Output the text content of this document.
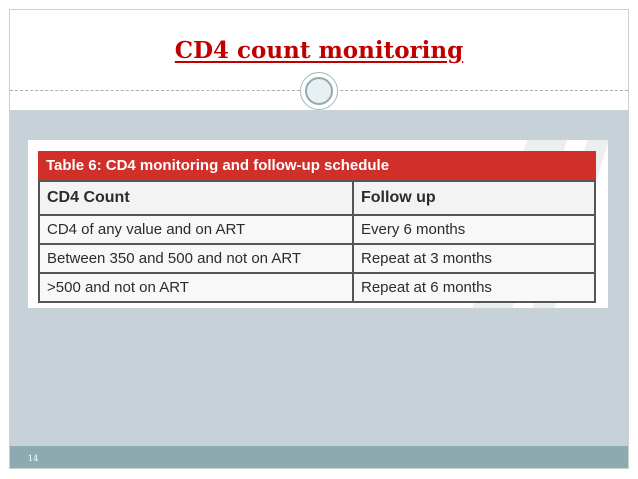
CD4 count monitoring
14
Table 6: CD4 monitoring and follow-up schedule
CD4 Count	Follow up
CD4 of any value and on ART	Every 6 months
Between 350 and 500 and not on ART	Repeat at 3 months
>500 and not on ART	Repeat at 6 months
